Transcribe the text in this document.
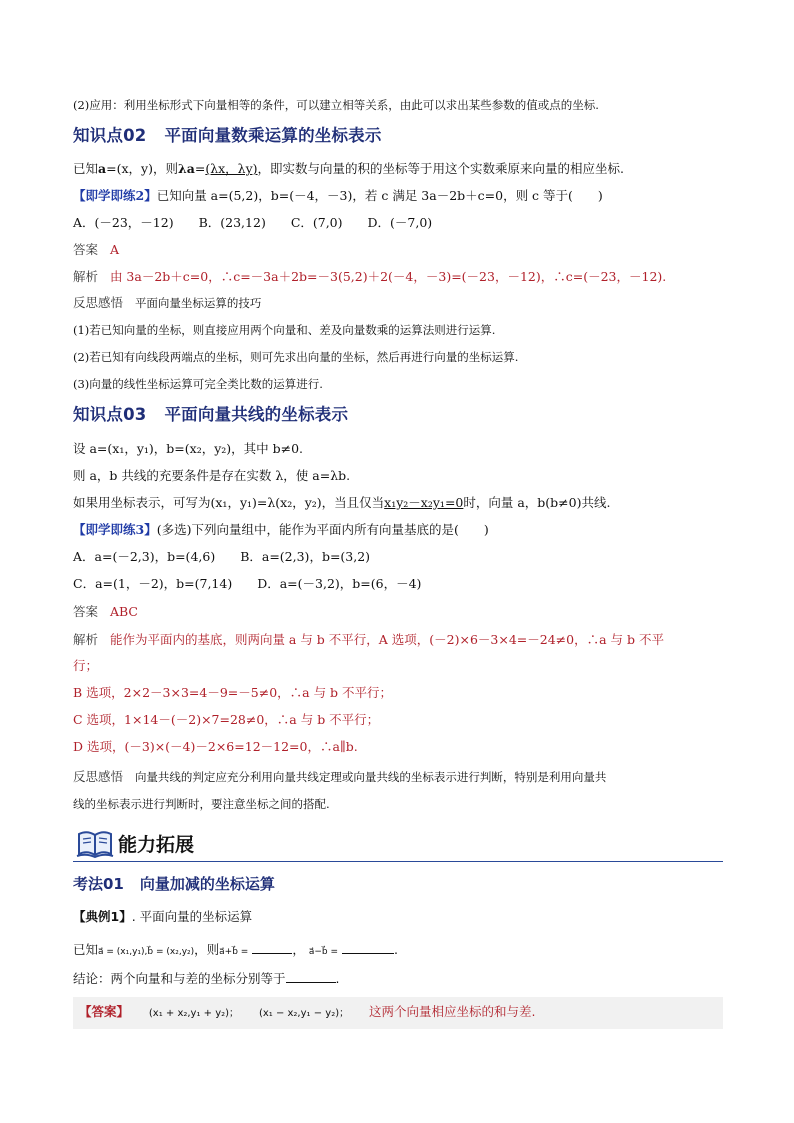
(2)应用：利用坐标形式下向量相等的条件，可以建立相等关系，由此可以求出某些参数的值或点的坐标.
知识点02 平面向量数乘运算的坐标表示
已知a=(x，y)，则λa=(λx，λy)，即实数与向量的积的坐标等于用这个实数乘原来向量的相应坐标.
【即学即练2】已知向量 a=(5,2)，b=(－4，－3)，若 c 满足 3a－2b＋c=0，则 c 等于(　　)
A．(－23，－12)　　B．(23,12)　　C．(7,0)　　D．(－7,0)
答案 A
解析 由 3a－2b＋c=0，∴c=－3a＋2b=－3(5,2)＋2(－4，－3)=(－23，－12)，∴c=(－23，－12).
反思感悟 平面向量坐标运算的技巧
(1)若已知向量的坐标，则直接应用两个向量和、差及向量数乘的运算法则进行运算.
(2)若已知有向线段两端点的坐标，则可先求出向量的坐标，然后再进行向量的坐标运算.
(3)向量的线性坐标运算可完全类比数的运算进行.
知识点03 平面向量共线的坐标表示
设 a=(x₁，y₁)，b=(x₂，y₂)，其中 b≠0.
则 a，b 共线的充要条件是存在实数 λ，使 a=λb.
如果用坐标表示，可写为(x₁，y₁)=λ(x₂，y₂)，当且仅当x₁y₂－x₂y₁=0时，向量 a，b(b≠0)共线.
【即学即练3】(多选)下列向量组中，能作为平面内所有向量基底的是(　　)
A．a=(－2,3)，b=(4,6)　　B．a=(2,3)，b=(3,2)
C．a=(1，－2)，b=(7,14)　　D．a=(－3,2)，b=(6，－4)
答案 ABC
解析 能作为平面内的基底，则两向量 a 与 b 不平行，A 选项，(－2)×6－3×4=－24≠0，∴a 与 b 不平
行；
B 选项，2×2－3×3=4－9=－5≠0，∴a 与 b 不平行；
C 选项，1×14－(－2)×7=28≠0，∴a 与 b 不平行；
D 选项，(－3)×(－4)－2×6=12－12=0，∴a∥b.
反思感悟 向量共线的判定应充分利用向量共线定理或向量共线的坐标表示进行判断，特别是利用向量共
线的坐标表示进行判断时，要注意坐标之间的搭配.
能力拓展
考法01 向量加减的坐标运算
【典例1】. 平面向量的坐标运算
已知a⃗ = (x₁,y₁),b⃗ = (x₂,y₂)，则a⃗+b⃗ =	， a⃗−b⃗ =	.
结论：两个向量和与差的坐标分别等于	.
【答案】 (x₁ + x₂,y₁ + y₂)； (x₁ − x₂,y₁ − y₂)； 这两个向量相应坐标的和与差.
